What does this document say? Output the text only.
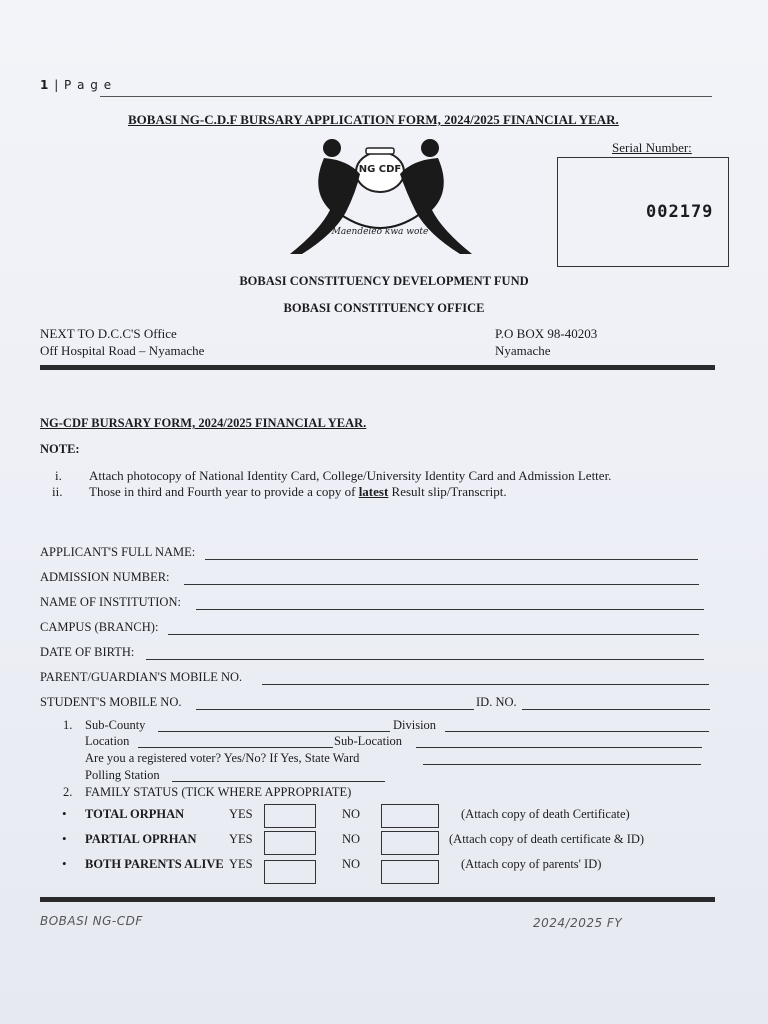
1 | P a g e
BOBASI NG-C.D.F BURSARY APPLICATION FORM, 2024/2025 FINANCIAL YEAR.
NG CDF
Maendeleo kwa wote
Serial Number:
002179
BOBASI CONSTITUENCY DEVELOPMENT FUND
BOBASI CONSTITUENCY OFFICE
NEXT TO D.C.C'S Office
Off Hospital Road – Nyamache
P.O BOX 98-40203
Nyamache
NG-CDF BURSARY FORM, 2024/2025 FINANCIAL YEAR.
NOTE:
i. Attach photocopy of National Identity Card, College/University Identity Card and Admission Letter.
ii. Those in third and Fourth year to provide a copy of latest Result slip/Transcript.
APPLICANT'S FULL NAME:
ADMISSION NUMBER:
NAME OF INSTITUTION:
CAMPUS (BRANCH):
DATE OF BIRTH:
PARENT/GUARDIAN'S MOBILE NO.
STUDENT'S MOBILE NO.	ID. NO.
1. Sub-County	Division
Location	Sub-Location
Are you a registered voter? Yes/No? If Yes, State Ward
Polling Station
2. FAMILY STATUS (TICK WHERE APPROPRIATE)
• TOTAL ORPHAN	YES	NO	(Attach copy of death Certificate)
• PARTIAL OPRHAN	YES	NO	(Attach copy of death certificate & ID)
• BOTH PARENTS ALIVE YES	NO	(Attach copy of parents' ID)
BOBASI NG-CDF	2024/2025 FY
